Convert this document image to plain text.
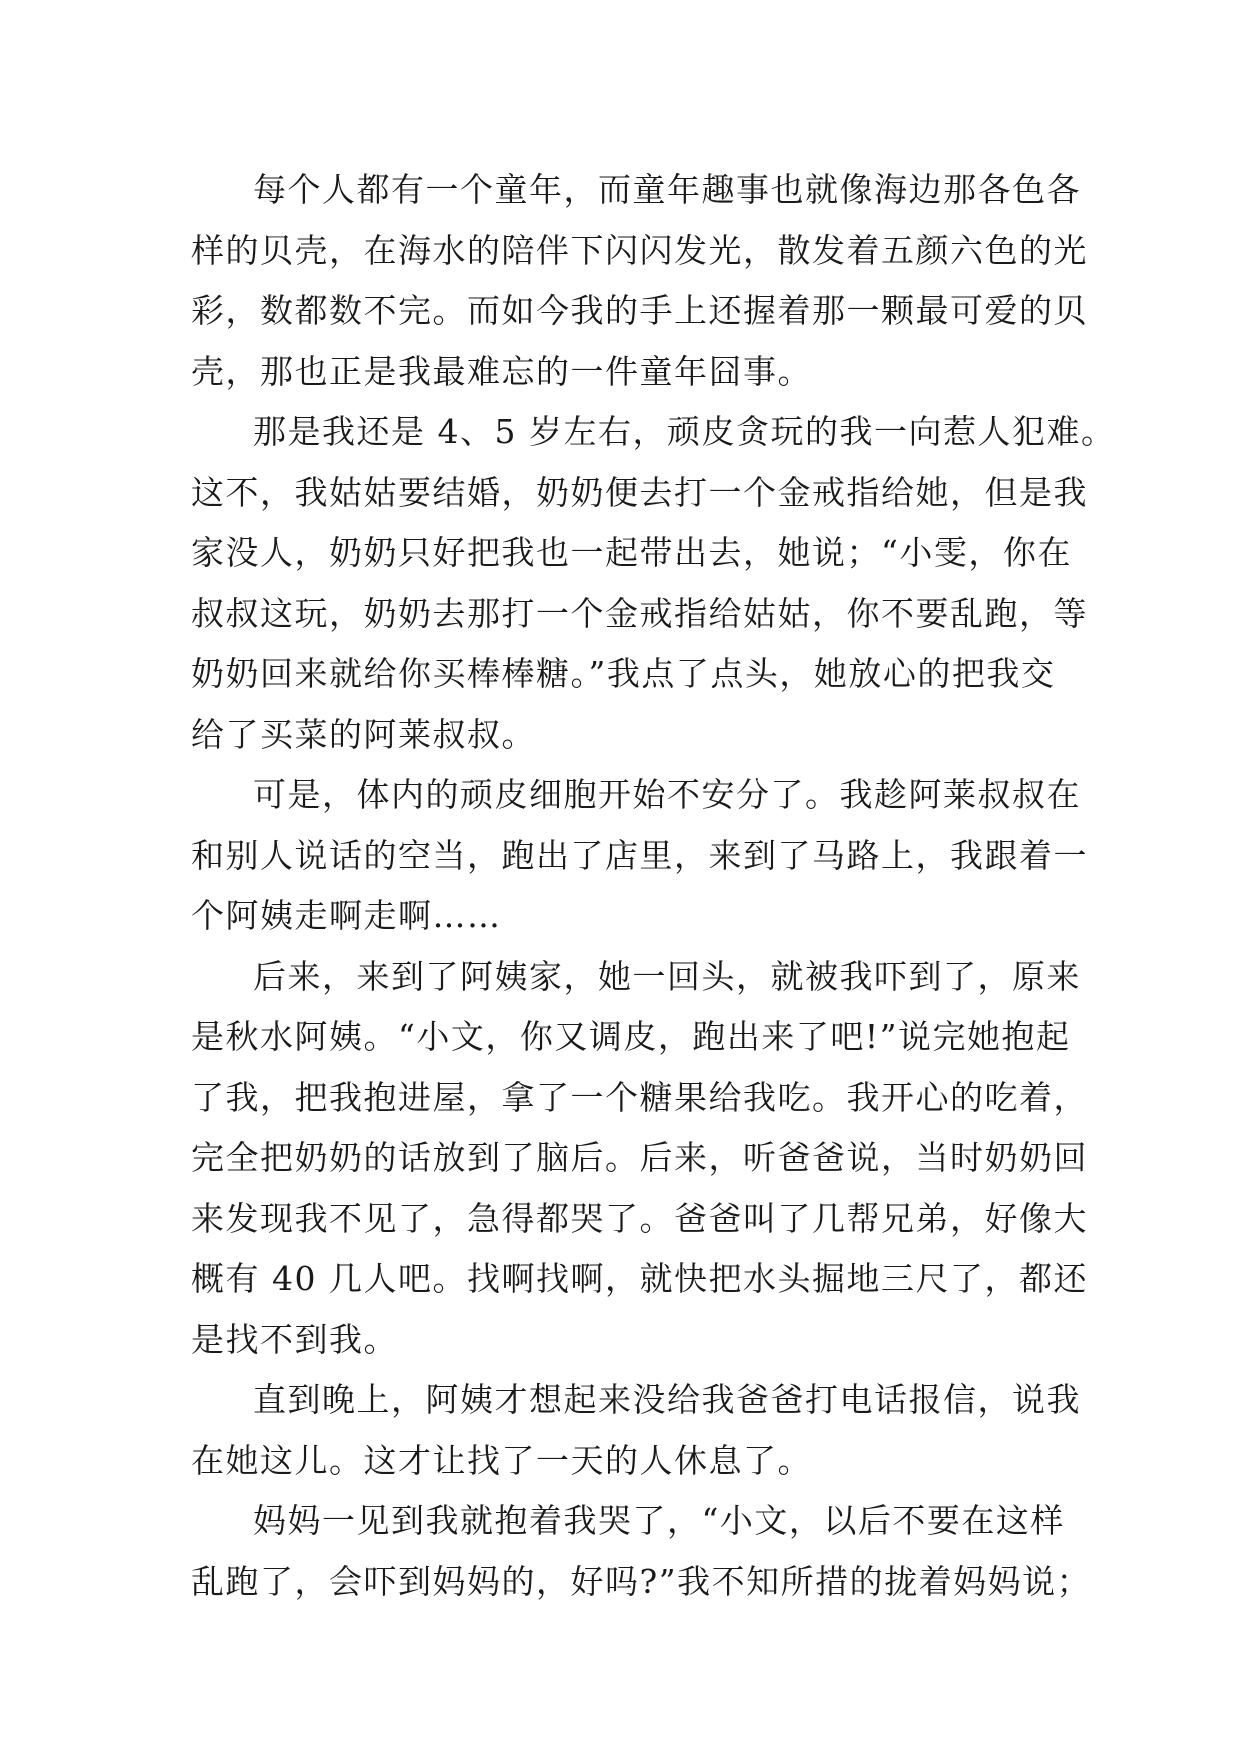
每个人都有一个童年，而童年趣事也就像海边那各色各
样的贝壳，在海水的陪伴下闪闪发光，散发着五颜六色的光
彩，数都数不完。而如今我的手上还握着那一颗最可爱的贝
壳，那也正是我最难忘的一件童年囧事。
那是我还是 4、5 岁左右，顽皮贪玩的我一向惹人犯难。
这不，我姑姑要结婚，奶奶便去打一个金戒指给她，但是我
家没人，奶奶只好把我也一起带出去，她说；“小雯，你在
叔叔这玩，奶奶去那打一个金戒指给姑姑，你不要乱跑，等
奶奶回来就给你买棒棒糖。”我点了点头，她放心的把我交
给了买菜的阿莱叔叔。
可是，体内的顽皮细胞开始不安分了。我趁阿莱叔叔在
和别人说话的空当，跑出了店里，来到了马路上，我跟着一
个阿姨走啊走啊……
后来，来到了阿姨家，她一回头，就被我吓到了，原来
是秋水阿姨。“小文，你又调皮，跑出来了吧!”说完她抱起
了我，把我抱进屋，拿了一个糖果给我吃。我开心的吃着，
完全把奶奶的话放到了脑后。后来，听爸爸说，当时奶奶回
来发现我不见了，急得都哭了。爸爸叫了几帮兄弟，好像大
概有 40 几人吧。找啊找啊，就快把水头掘地三尺了，都还
是找不到我。
直到晚上，阿姨才想起来没给我爸爸打电话报信，说我
在她这儿。这才让找了一天的人休息了。
妈妈一见到我就抱着我哭了，“小文，以后不要在这样
乱跑了，会吓到妈妈的，好吗?”我不知所措的拢着妈妈说；
